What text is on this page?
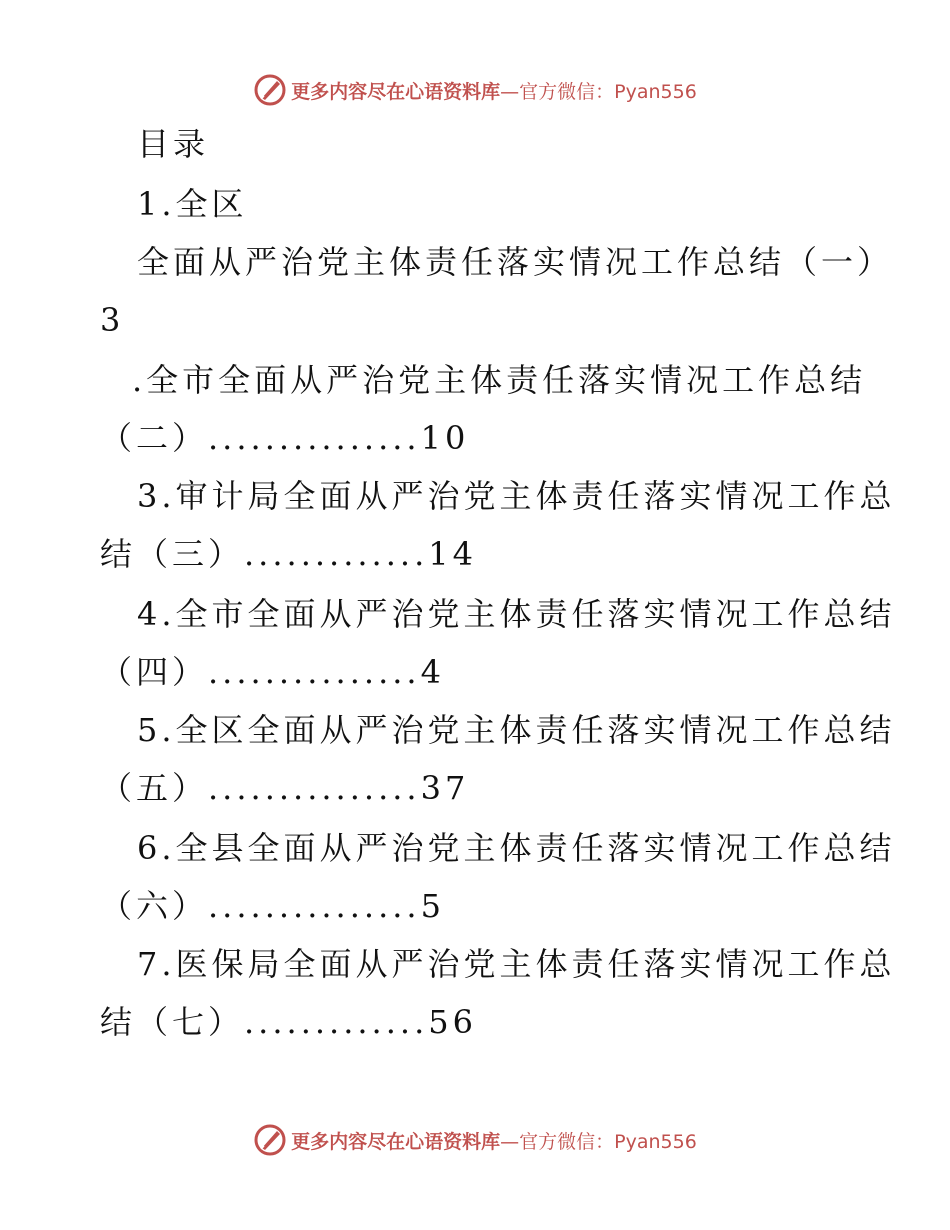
更多内容尽在心语资料库—官方微信：Pyan556
目录
1.全区
全面从严治党主体责任落实情况工作总结（一）
3
.全市全面从严治党主体责任落实情况工作总结
（二）...............10
3.审计局全面从严治党主体责任落实情况工作总
结（三）.............14
4.全市全面从严治党主体责任落实情况工作总结
（四）...............4
5.全区全面从严治党主体责任落实情况工作总结
（五）...............37
6.全县全面从严治党主体责任落实情况工作总结
（六）...............5
7.医保局全面从严治党主体责任落实情况工作总
结（七）.............56
更多内容尽在心语资料库—官方微信：Pyan556
